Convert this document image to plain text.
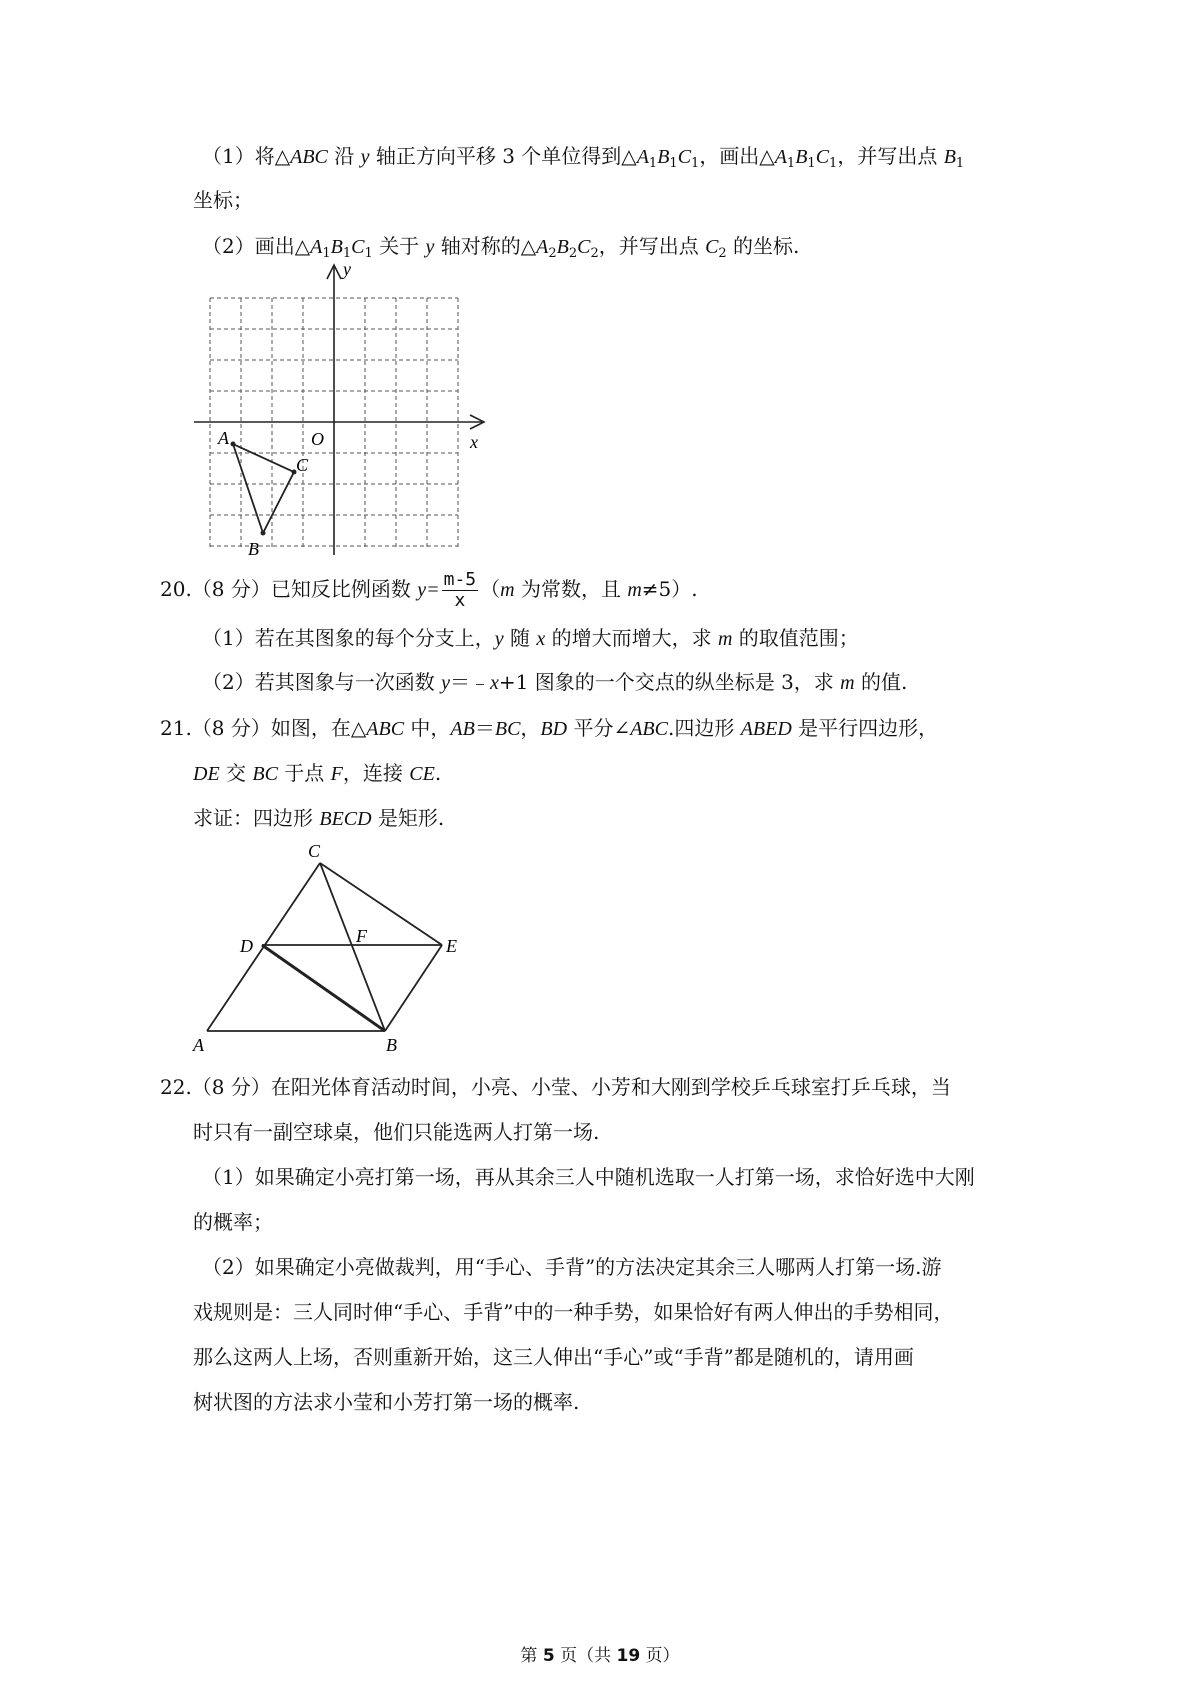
（1）将△ABC 沿 y 轴正方向平移 3 个单位得到$\triangle A_1B_1C_1$，画出$\triangle A_1B_1C_1$，并写出点 $B_1$
坐标；
（2）画出$\triangle A_1B_1C_1$ 关于 y 轴对称的$\triangle A_2B_2C_2$，并写出点 $C_2$ 的坐标.
x
y
O
A
B
C
20.（8 分）已知反比例函数 $y= \frac{m-5}{x} (m$ 为常数，且 m≠5）.
（1）若在其图象的每个分支上，y 随 x 的增大而增大，求 m 的取值范围；
（2）若其图象与一次函数 y＝﹣x+1 图象的一个交点的纵坐标是 3，求 m 的值.
21.（8 分）如图，在△ABC 中，AB＝BC，BD 平分∠ABC.四边形 ABED 是平行四边形，
DE 交 BC 于点 F，连接 CE.
求证：四边形 BECD 是矩形.
C
D	F	E
A	B
22.（8 分）在阳光体育活动时间，小亮、小莹、小芳和大刚到学校乒乓球室打乒乓球，当
时只有一副空球桌，他们只能选两人打第一场.
（1）如果确定小亮打第一场，再从其余三人中随机选取一人打第一场，求恰好选中大刚
的概率；
（2）如果确定小亮做裁判，用“手心、手背”的方法决定其余三人哪两人打第一场.游
戏规则是：三人同时伸“手心、手背”中的一种手势，如果恰好有两人伸出的手势相同，
那么这两人上场，否则重新开始，这三人伸出“手心”或“手背”都是随机的，请用画
树状图的方法求小莹和小芳打第一场的概率.
第 5 页（共 19 页）
